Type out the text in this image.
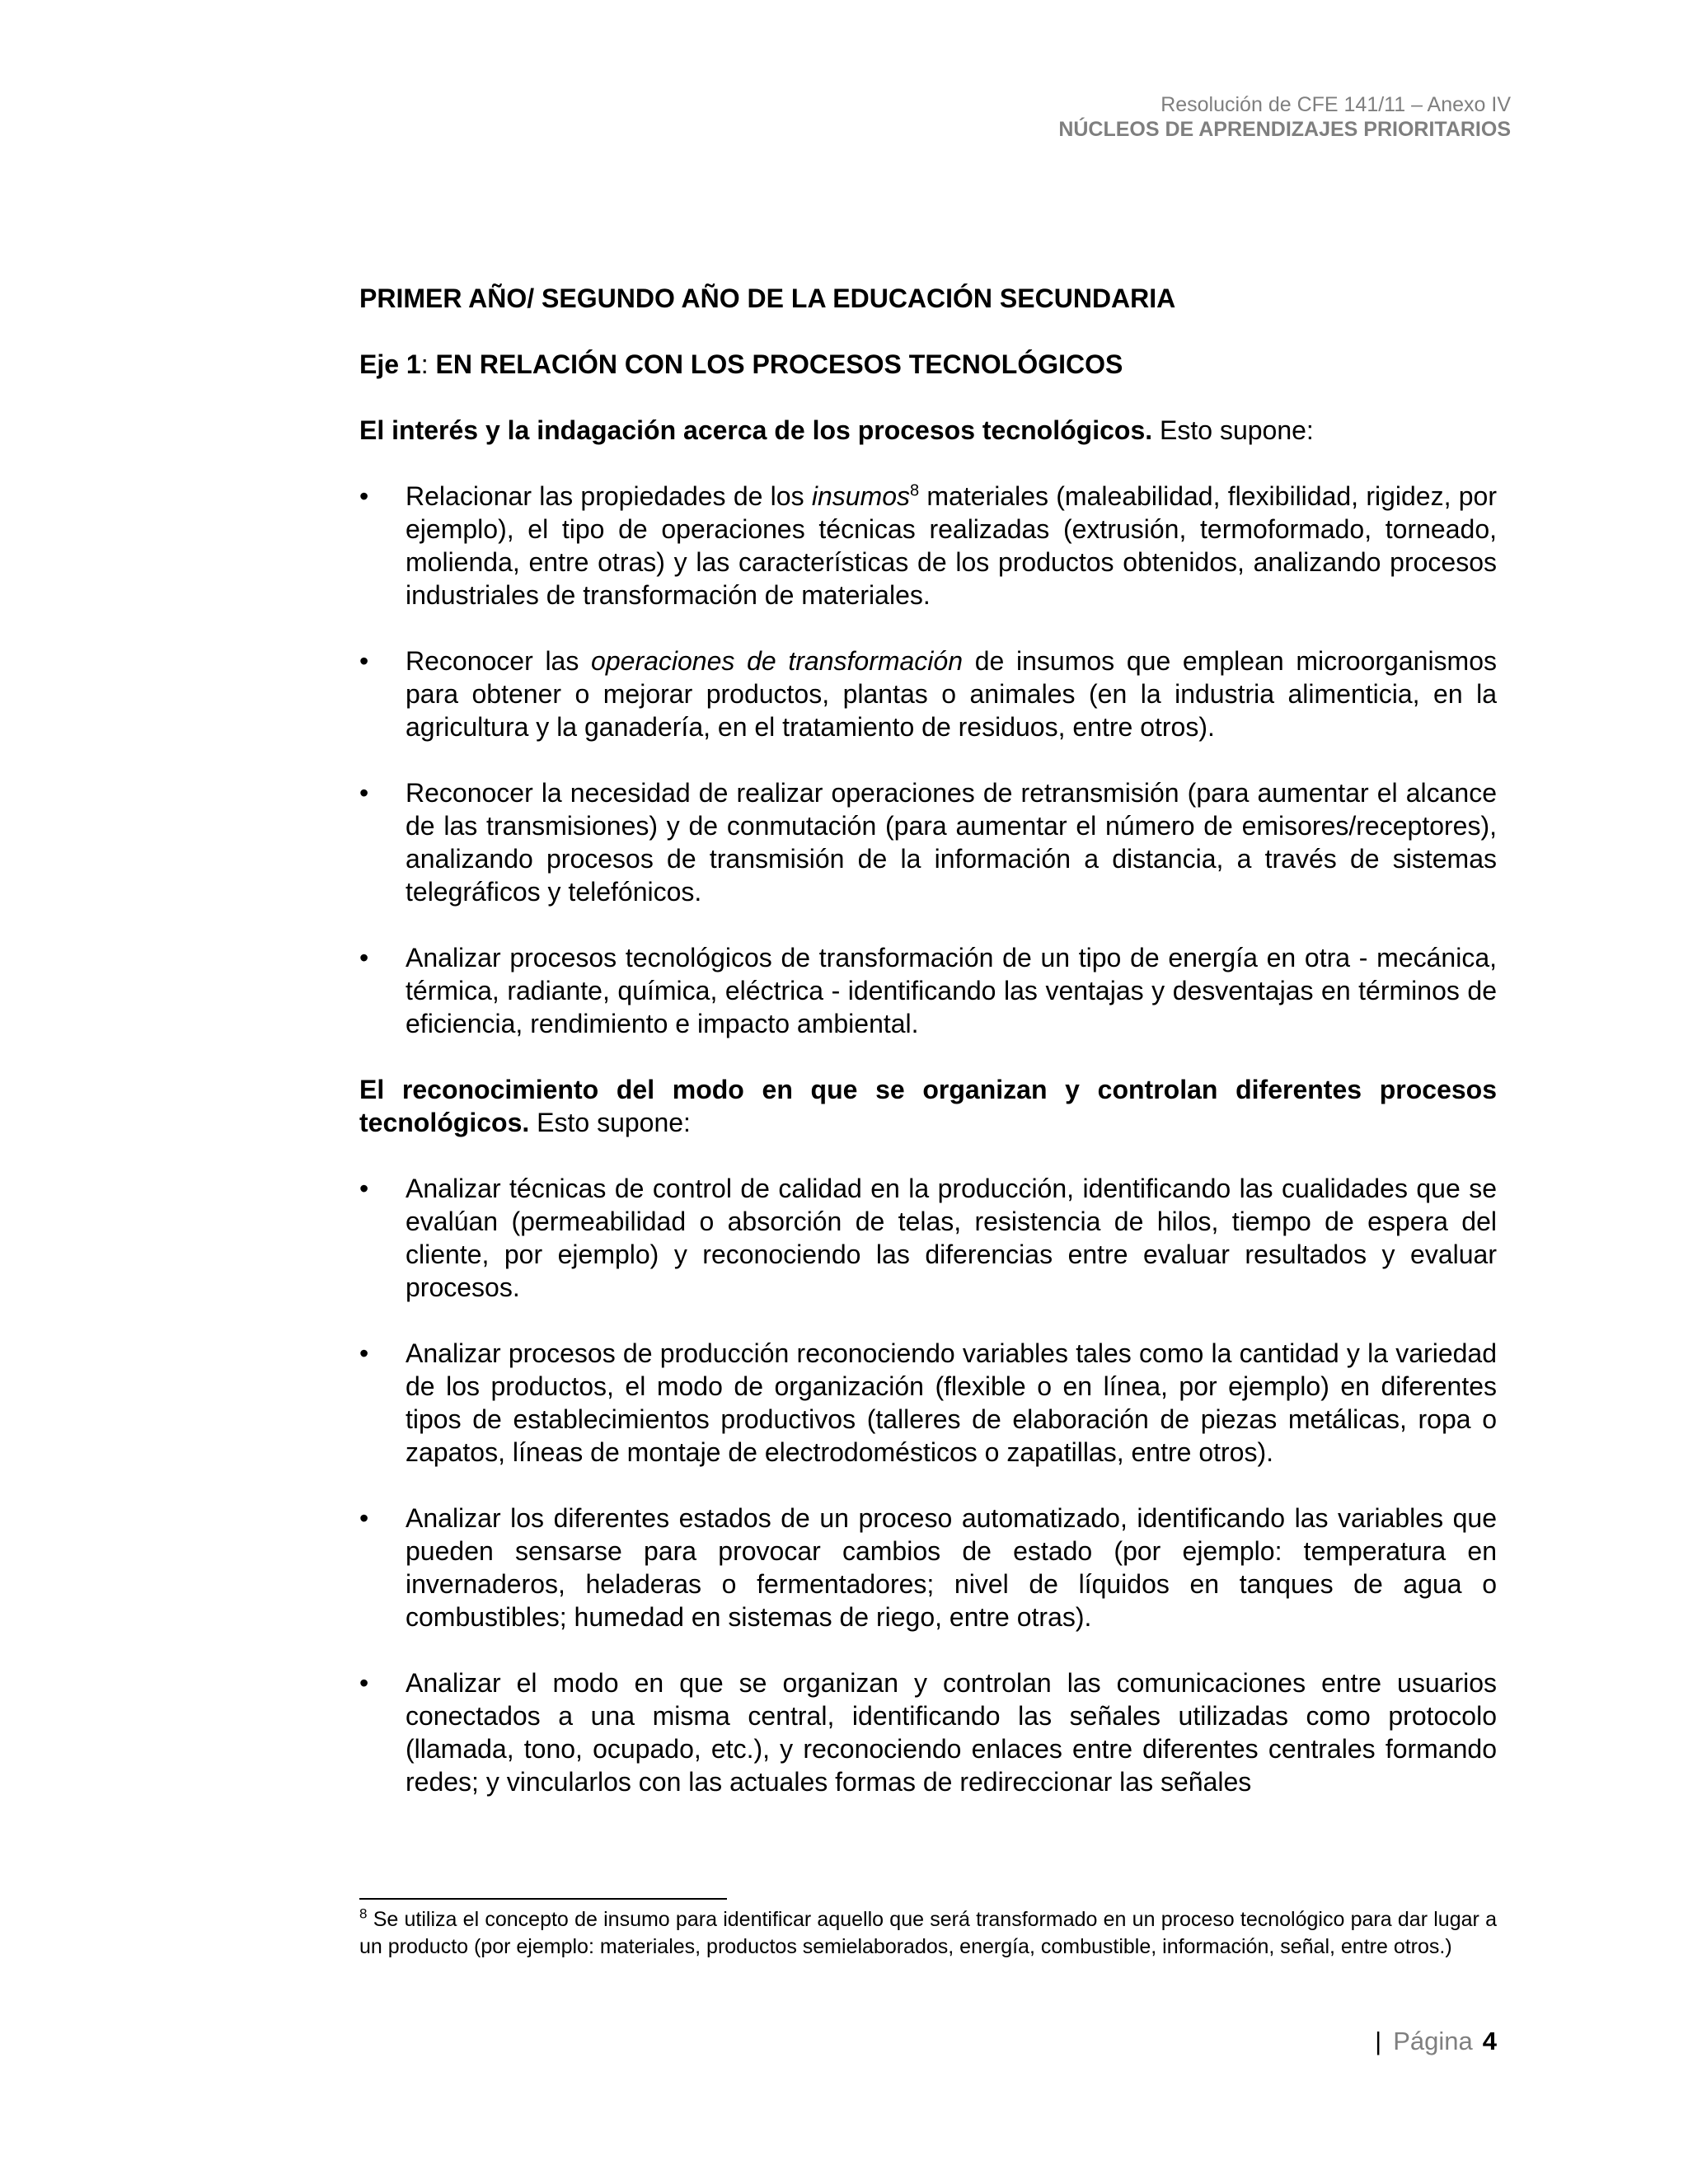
Resolución de CFE 141/11 – Anexo IV
NÚCLEOS DE APRENDIZAJES PRIORITARIOS
PRIMER AÑO/ SEGUNDO AÑO DE LA EDUCACIÓN SECUNDARIA
Eje 1: EN RELACIÓN CON LOS PROCESOS TECNOLÓGICOS
El interés y la indagación acerca de los procesos tecnológicos. Esto supone:
• Relacionar las propiedades de los insumos$^8$ materiales (maleabilidad, flexibilidad, rigidez, por ejemplo), el tipo de operaciones técnicas realizadas (extrusión, termoformado, torneado, molienda, entre otras) y las características de los productos obtenidos, analizando procesos industriales de transformación de materiales.
• Reconocer las operaciones de transformación de insumos que emplean microorganismos para obtener o mejorar productos, plantas o animales (en la industria alimenticia, en la agricultura y la ganadería, en el tratamiento de residuos, entre otros).
• Reconocer la necesidad de realizar operaciones de retransmisión (para aumentar el alcance de las transmisiones) y de conmutación (para aumentar el número de emisores/receptores), analizando procesos de transmisión de la información a distancia, a través de sistemas telegráficos y telefónicos.
• Analizar procesos tecnológicos de transformación de un tipo de energía en otra - mecánica, térmica, radiante, química, eléctrica - identificando las ventajas y desventajas en términos de eficiencia, rendimiento e impacto ambiental.
El reconocimiento del modo en que se organizan y controlan diferentes procesos tecnológicos. Esto supone:
• Analizar técnicas de control de calidad en la producción, identificando las cualidades que se evalúan (permeabilidad o absorción de telas, resistencia de hilos, tiempo de espera del cliente, por ejemplo) y reconociendo las diferencias entre evaluar resultados y evaluar procesos.
• Analizar procesos de producción reconociendo variables tales como la cantidad y la variedad de los productos, el modo de organización (flexible o en línea, por ejemplo) en diferentes tipos de establecimientos productivos (talleres de elaboración de piezas metálicas, ropa o zapatos, líneas de montaje de electrodomésticos o zapatillas, entre otros).
• Analizar los diferentes estados de un proceso automatizado, identificando las variables que pueden sensarse para provocar cambios de estado (por ejemplo: temperatura en invernaderos, heladeras o fermentadores; nivel de líquidos en tanques de agua o combustibles; humedad en sistemas de riego, entre otras).
• Analizar el modo en que se organizan y controlan las comunicaciones entre usuarios conectados a una misma central, identificando las señales utilizadas como protocolo (llamada, tono, ocupado, etc.), y reconociendo enlaces entre diferentes centrales formando redes; y vincularlos con las actuales formas de redireccionar las señales
$^8$ Se utiliza el concepto de insumo para identificar aquello que será transformado en un proceso tecnológico para dar lugar a un producto (por ejemplo: materiales, productos semielaborados, energía, combustible, información, señal, entre otros.)
| Página 4
